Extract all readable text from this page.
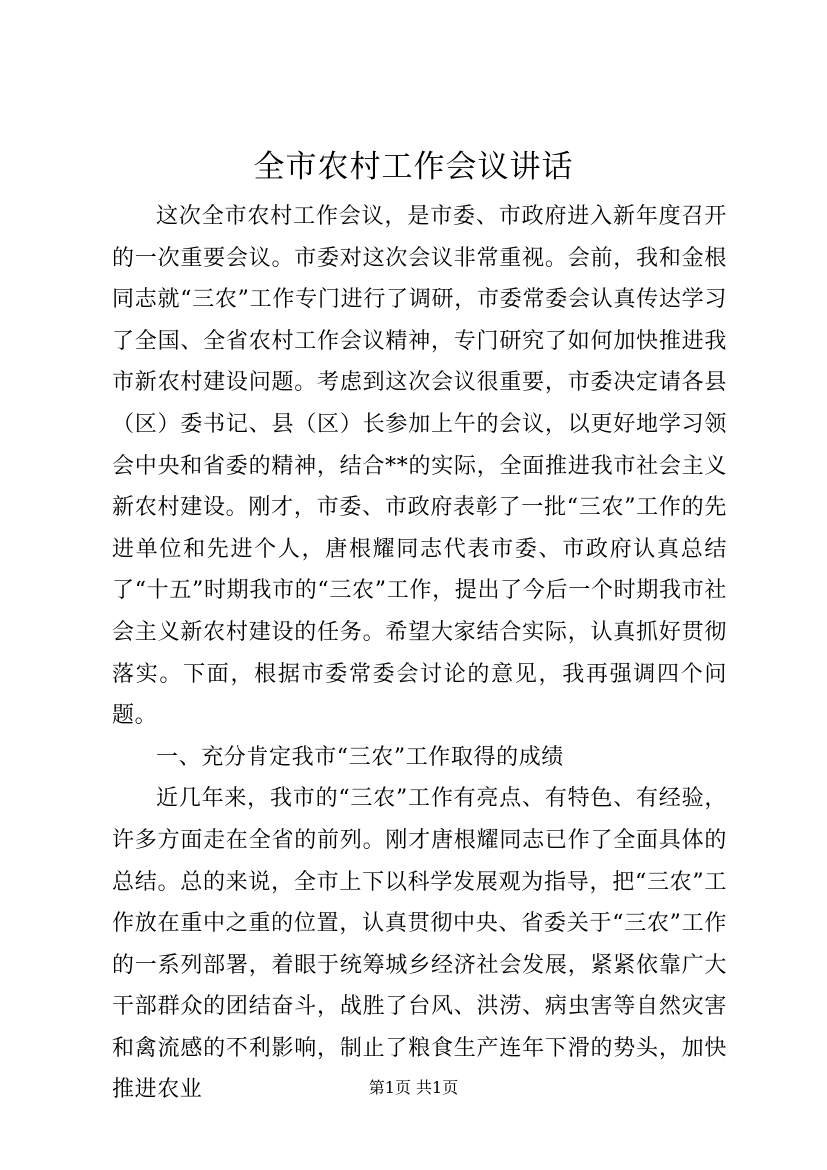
全市农村工作会议讲话

这次全市农村工作会议，是市委、市政府进入新年度召开的一次重要会议。市委对这次会议非常重视。会前，我和金根同志就“三农”工作专门进行了调研，市委常委会认真传达学习了全国、全省农村工作会议精神，专门研究了如何加快推进我市新农村建设问题。考虑到这次会议很重要，市委决定请各县（区）委书记、县（区）长参加上午的会议，以更好地学习领会中央和省委的精神，结合**的实际，全面推进我市社会主义新农村建设。刚才，市委、市政府表彰了一批“三农”工作的先进单位和先进个人，唐根耀同志代表市委、市政府认真总结了“十五”时期我市的“三农”工作，提出了今后一个时期我市社会主义新农村建设的任务。希望大家结合实际，认真抓好贯彻落实。下面，根据市委常委会讨论的意见，我再强调四个问题。

一、充分肯定我市“三农”工作取得的成绩

近几年来，我市的“三农”工作有亮点、有特色、有经验，许多方面走在全省的前列。刚才唐根耀同志已作了全面具体的总结。总的来说，全市上下以科学发展观为指导，把“三农”工作放在重中之重的位置，认真贯彻中央、省委关于“三农”工作的一系列部署，着眼于统筹城乡经济社会发展，紧紧依靠广大干部群众的团结奋斗，战胜了台风、洪涝、病虫害等自然灾害和禽流感的不利影响，制止了粮食生产连年下滑的势头，加快推进农业	第1页 共1页
